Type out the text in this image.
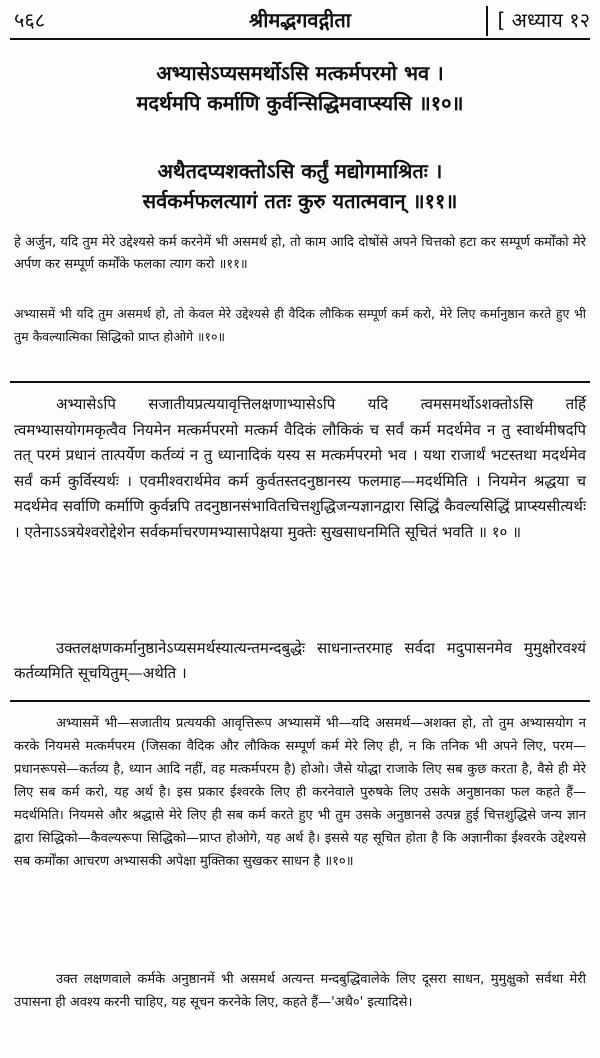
५६८	श्रीमद्भगवद्गीता	[ अध्याय १२
अभ्यासेऽप्यसमर्थोऽसि मत्कर्मपरमो भव ।
मदर्थमपि कर्माणि कुर्वन्सिद्धिमवाप्स्यसि ॥१०॥
अथैतदप्यशक्तोऽसि कर्तुं मद्योगमाश्रितः ।
सर्वकर्मफलत्यागं ततः कुरु यतात्मवान् ॥११॥
हे अर्जुन, यदि तुम मेरे उद्देश्यसे कर्म करनेमें भी असमर्थ हो, तो काम आदि दोषोंसे अपने चित्तको हटा कर सम्पूर्ण कर्मोंको मेरे अर्पण कर सम्पूर्ण कर्मोंके फलका त्याग करो ॥११॥
अभ्यासमें भी यदि तुम असमर्थ हो, तो केवल मेरे उद्देश्यसे ही वैदिक लौकिक सम्पूर्ण कर्म करो, मेरे लिए कर्मानुष्ठान करते हुए भी तुम कैवल्यात्मिका सिद्धिको प्राप्त होओगे ॥१०॥
अभ्यासेऽपि सजातीयप्रत्ययावृत्तिलक्षणाभ्यासेऽपि यदि त्वमसमर्थोऽशक्तोऽसि तर्हि त्वमभ्यासयोगमकृत्वैव नियमेन मत्कर्मपरमो मत्कर्म वैदिकं लौकिकं च सर्वं कर्म मदर्थमेव न तु स्वार्थमीषदपि तत् परमं प्रधानं तात्पर्येण कर्तव्यं न तु ध्यानादिकं यस्य स मत्कर्मपरमो भव । यथा राजार्थं भटस्तथा मदर्थमेव सर्वं कर्म कुर्विस्यर्थः । एवमीश्वरार्थमेव कर्म कुर्वतस्तदनुष्ठानस्य फलमाह—मदर्थमिति । नियमेन श्रद्धया च मदर्थमेव सर्वाणि कर्माणि कुर्वन्नपि तदनुष्ठानसंभावितचित्तशुद्धिजन्यज्ञानद्वारा सिद्धिं कैवल्यसिद्धिं प्राप्स्यसीत्यर्थः । एतेनाऽऽत्रयेश्वरोद्देशेन सर्वकर्माचरणमभ्यासापेक्षया मुक्तेः सुखसाधनमिति सूचितं भवति ॥ १० ॥
उक्तलक्षणकर्मानुष्ठानेऽप्यसमर्थस्यात्यन्तमन्दबुद्धेः साधनान्तरमाह सर्वदा मदुपासनमेव मुमुक्षोरवश्यं कर्तव्यमिति सूचयितुम्—अथेति ।
अभ्यासमें भी—सजातीय प्रत्ययकी आवृत्तिरूप अभ्यासमें भी—यदि असमर्थ—अशक्त हो, तो तुम अभ्यासयोग न करके नियमसे मत्कर्मपरम (जिसका वैदिक और लौकिक सम्पूर्ण कर्म मेरे लिए ही, न कि तनिक भी अपने लिए, परम—प्रधानरूपसे—कर्तव्य है, ध्यान आदि नहीं, वह मत्कर्मपरम है) होओ। जैसे योद्धा राजाके लिए सब कुछ करता है, वैसे ही मेरे लिए सब कर्म करो, यह अर्थ है। इस प्रकार ईश्वरके लिए ही करनेवाले पुरुषके लिए उसके अनुष्ठानका फल कहते हैं—मदर्थमिति। नियमसे और श्रद्धासे मेरे लिए ही सब कर्म करते हुए भी तुम उसके अनुष्ठानसे उत्पन्न हुई चित्तशुद्धिसे जन्य ज्ञान द्वारा सिद्धिको—कैवल्यरूपा सिद्धिको—प्राप्त होओगे, यह अर्थ है। इससे यह सूचित होता है कि अज्ञानीका ईश्वरके उद्देश्यसे सब कर्मोंका आचरण अभ्यासकी अपेक्षा मुक्तिका सुखकर साधन है ॥१०॥
उक्त लक्षणवाले कर्मके अनुष्ठानमें भी असमर्थ अत्यन्त मन्दबुद्धिवालेके लिए दूसरा साधन, मुमुक्षुको सर्वथा मेरी उपासना ही अवश्य करनी चाहिए, यह सूचन करनेके लिए, कहते हैं—'अथै०' इत्यादिसे।
